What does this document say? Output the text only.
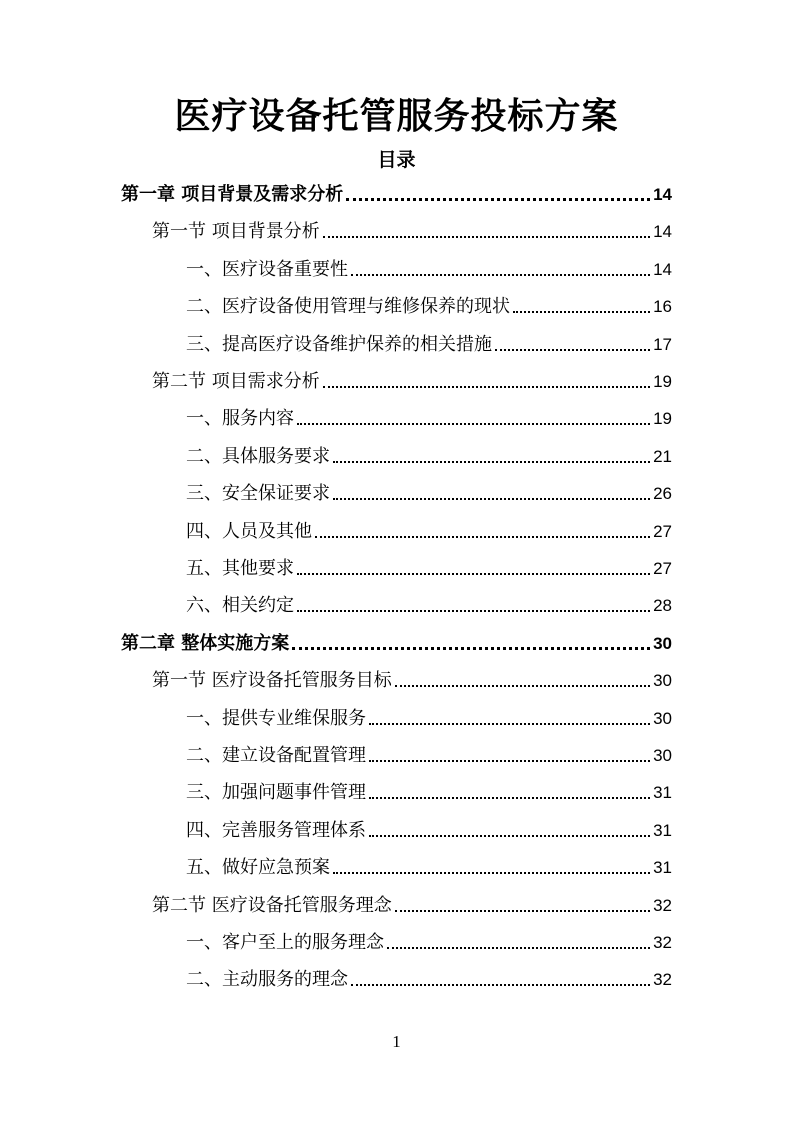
医疗设备托管服务投标方案
目录
第一章 项目背景及需求分析	14
第一节 项目背景分析	14
一、医疗设备重要性	14
二、医疗设备使用管理与维修保养的现状	16
三、提高医疗设备维护保养的相关措施	17
第二节 项目需求分析	19
一、服务内容	19
二、具体服务要求	21
三、安全保证要求	26
四、人员及其他	27
五、其他要求	27
六、相关约定	28
第二章 整体实施方案	30
第一节 医疗设备托管服务目标	30
一、提供专业维保服务	30
二、建立设备配置管理	30
三、加强问题事件管理	31
四、完善服务管理体系	31
五、做好应急预案	31
第二节 医疗设备托管服务理念	32
一、客户至上的服务理念	32
二、主动服务的理念	32
1
